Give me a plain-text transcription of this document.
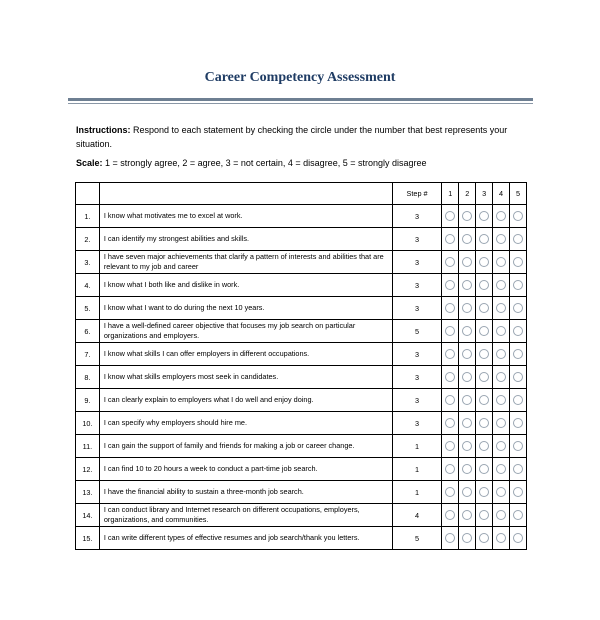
Career Competency Assessment
Instructions: Respond to each statement by checking the circle under the number that best represents your situation.
Scale: 1 = strongly agree, 2 = agree, 3 = not certain, 4 = disagree, 5 = strongly disagree
		Step #	1	2	3	4	5
1.	I know what motivates me to excel at work.	3					
2.	I can identify my strongest abilities and skills.	3					
3.	I have seven major achievements that clarify a pattern of interests and abilities that are relevant to my job and career	3					
4.	I know what I both like and dislike in work.	3					
5.	I know what I want to do during the next 10 years.	3					
6.	I have a well-defined career objective that focuses my job search on particular organizations and employers.	5					
7.	I know what skills I can offer employers in different occupations.	3					
8.	I know what skills employers most seek in candidates.	3					
9.	I can clearly explain to employers what I do well and enjoy doing.	3					
10.	I can specify why employers should hire me.	3					
11.	I can gain the support of family and friends for making a job or career change.	1					
12.	I can find 10 to 20 hours a week to conduct a part-time job search.	1					
13.	I have the financial ability to sustain a three-month job search.	1					
14.	I can conduct library and Internet research on different occupations, employers, organizations, and communities.	4					
15.	I can write different types of effective resumes and job search/thank you letters.	5					
